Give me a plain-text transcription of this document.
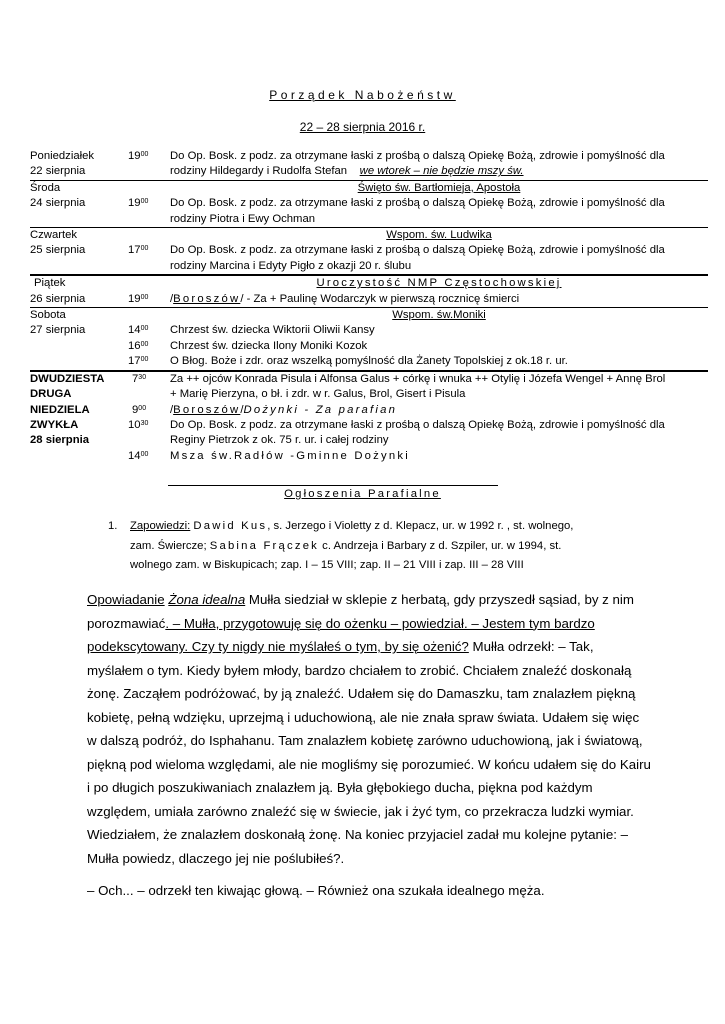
Porządek Nabożeństw
22 – 28 sierpnia 2016 r.
Poniedziałek	$19^{00}$	Do Op. Bosk. z podz. za otrzymane łaski z prośbą o dalszą Opiekę Bożą, zdrowie i pomyślność dla
22 sierpnia		rodziny Hildegardy i Rudolfa Stefan we wtorek – nie będzie mszy św.
Środa		Święto św. Bartłomieja, Apostoła
24 sierpnia	$19^{00}$	Do Op. Bosk. z podz. za otrzymane łaski z prośbą o dalszą Opiekę Bożą, zdrowie i pomyślność dla
		rodziny Piotra i Ewy Ochman
Czwartek		Wspom. św. Ludwika
25 sierpnia	$17^{00}$	Do Op. Bosk. z podz. za otrzymane łaski z prośbą o dalszą Opiekę Bożą, zdrowie i pomyślność dla
		rodziny Marcina i Edyty Pigło z okazji 20 r. ślubu
Piątek		Uroczystość NMP Częstochowskiej
26 sierpnia	$19^{00}$	/Boroszów/ - Za + Paulinę Wodarczyk w pierwszą rocznicę śmierci
Sobota		Wspom. św.Moniki
27 sierpnia	$14^{00}$	Chrzest św. dziecka Wiktorii Oliwii Kansy
	$16^{00}$	Chrzest św. dziecka Ilony Moniki Kozok
	$17^{00}$	O Błog. Boże i zdr. oraz wszelką pomyślność dla Żanety Topolskiej z ok.18 r. ur.
DWUDZIESTA	$7^{30}$	Za ++ ojców Konrada Pisula i Alfonsa Galus + córkę i wnuka ++ Otylię i Józefa Wengel + Annę Brol
DRUGA		+ Marię Pierzyna, o bł. i zdr. w r. Galus, Brol, Gisert i Pisula
NIEDZIELA	$9^{00}$	/Boroszów/Dożynki - Za parafian
ZWYKŁA	$10^{30}$	Do Op. Bosk. z podz. za otrzymane łaski z prośbą o dalszą Opiekę Bożą, zdrowie i pomyślność dla
28 sierpnia		Reginy Pietrzok z ok. 75 r. ur. i całej rodziny
	$14^{00}$	Msza św.Radłów -Gminne Dożynki
Ogłoszenia Parafialne
1. Zapowiedzi: Dawid Kus, s. Jerzego i Violetty z d. Klepacz, ur. w 1992 r. , st. wolnego,
zam. Świercze; Sabina Frączek c. Andrzeja i Barbary z d. Szpiler, ur. w 1994, st.
wolnego zam. w Biskupicach; zap. I – 15 VIII; zap. II – 21 VIII i zap. III – 28 VIII

Opowiadanie Żona idealna Mułła siedział w sklepie z herbatą, gdy przyszedł sąsiad, by z nim porozmawiać. – Mułła, przygotowuję się do ożenku – powiedział. – Jestem tym bardzo podekscytowany. Czy ty nigdy nie myślałeś o tym, by się ożenić? Mułła odrzekł: – Tak, myślałem o tym. Kiedy byłem młody, bardzo chciałem to zrobić. Chciałem znaleźć doskonałą żonę. Zacząłem podróżować, by ją znaleźć. Udałem się do Damaszku, tam znalazłem piękną kobietę, pełną wdzięku, uprzejmą i uduchowioną, ale nie znała spraw świata. Udałem się więc w dalszą podróż, do Isphahanu. Tam znalazłem kobietę zarówno uduchowioną, jak i światową, piękną pod wieloma względami, ale nie mogliśmy się porozumieć. W końcu udałem się do Kairu i po długich poszukiwaniach znalazłem ją. Była głębokiego ducha, piękna pod każdym względem, umiała zarówno znaleźć się w świecie, jak i żyć tym, co przekracza ludzki wymiar. Wiedziałem, że znalazłem doskonałą żonę. Na koniec przyjaciel zadał mu kolejne pytanie: – Mułła powiedz, dlaczego jej nie poślubiłeś?.

– Och... – odrzekł ten kiwając głową. – Również ona szukała idealnego męża.
